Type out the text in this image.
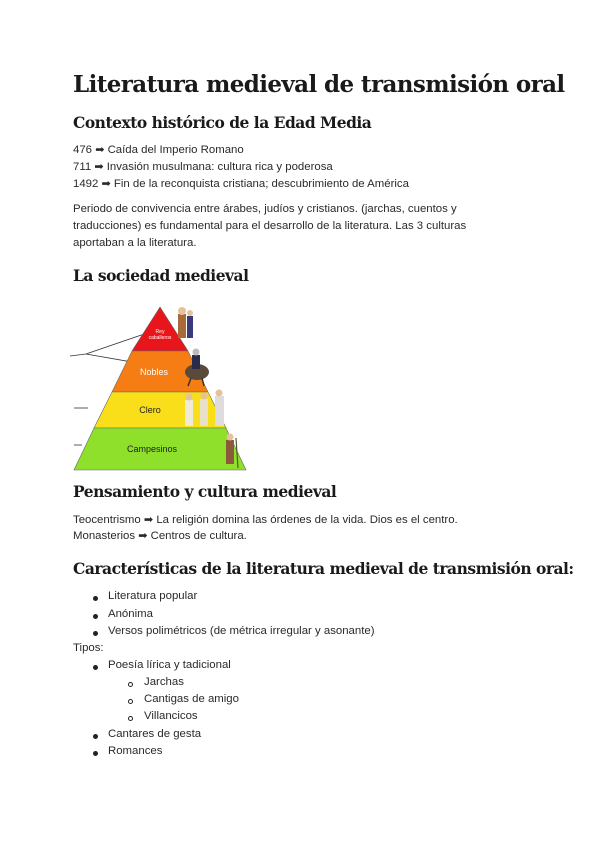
Literatura medieval de transmisión oral
Contexto histórico de la Edad Media
476 ➡ Caída del Imperio Romano
711 ➡ Invasión musulmana: cultura rica y poderosa
1492 ➡ Fin de la reconquista cristiana; descubrimiento de América
Periodo de convivencia entre árabes, judíos y cristianos. (jarchas, cuentos y
traducciones) es fundamental para el desarrollo de la literatura. Las 3 culturas
aportaban a la literatura.
La sociedad medieval
Rey
caballeros
Nobles
Clero
Campesinos
Pensamiento y cultura medieval
Teocentrismo ➡ La religión domina las órdenes de la vida. Dios es el centro.
Monasterios ➡ Centros de cultura.
Características de la literatura medieval de transmisión oral:
Literatura popular
Anónima
Versos polimétricos (de métrica irregular y asonante)
Tipos:
Poesía lírica y tadicional
Jarchas
Cantigas de amigo
Villancicos
Cantares de gesta
Romances
